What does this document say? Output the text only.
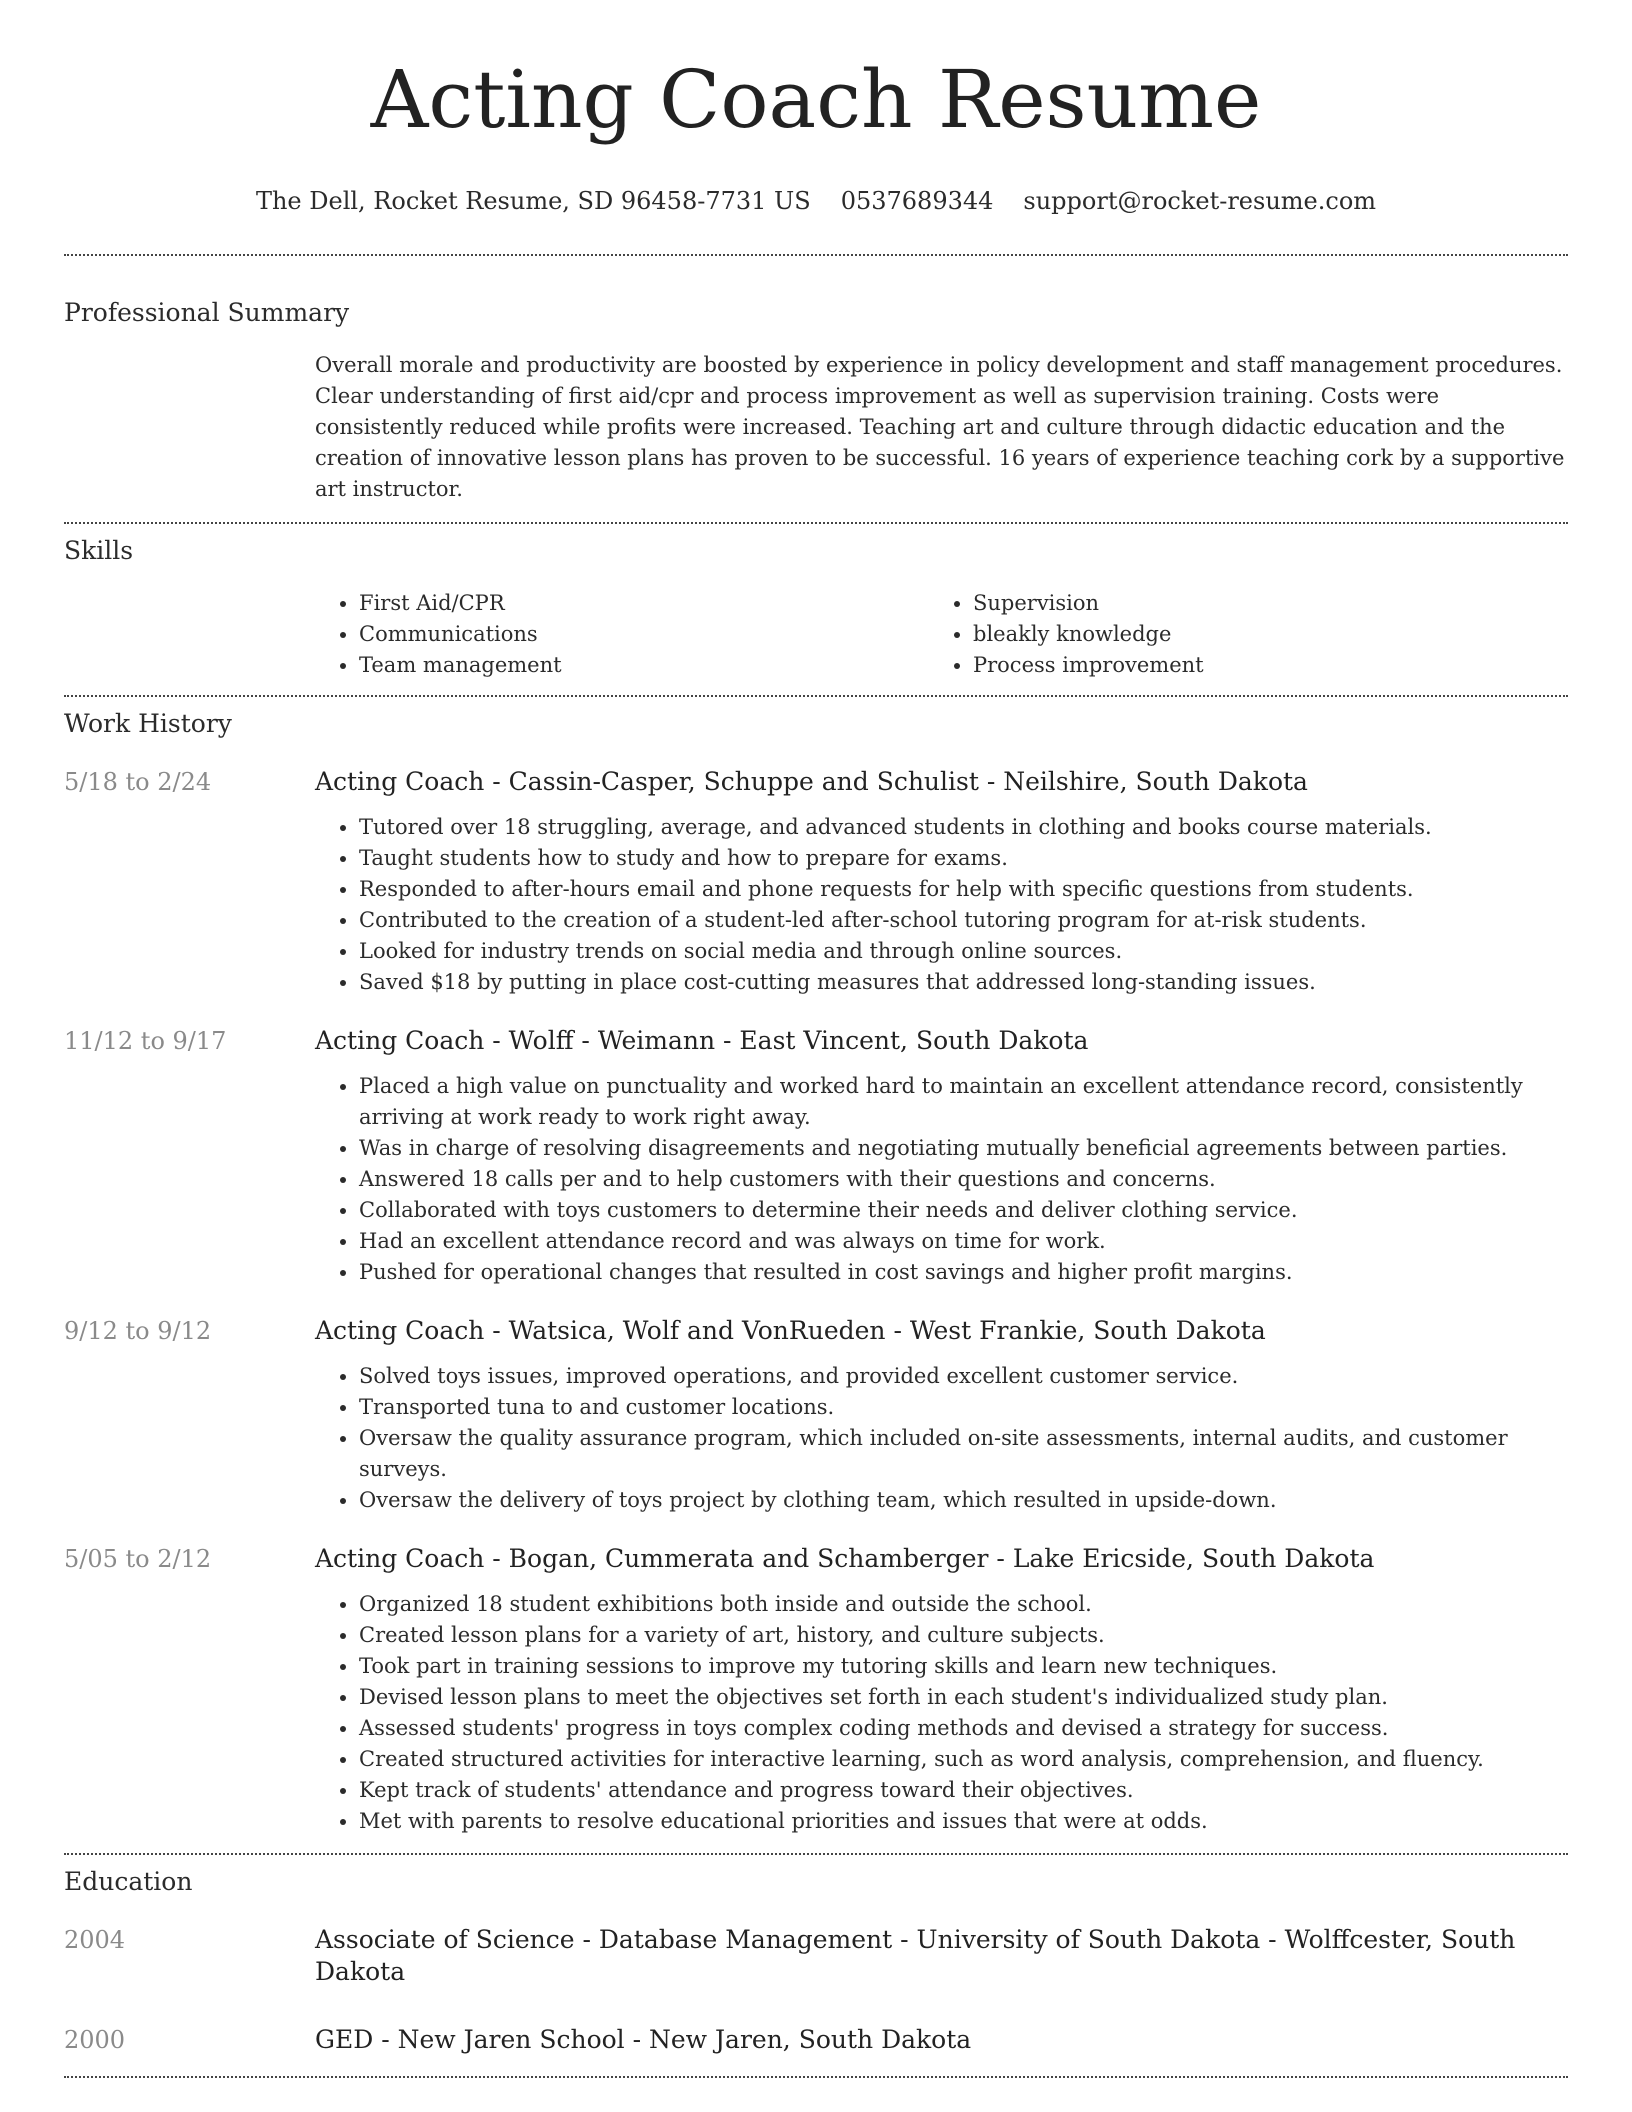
Acting Coach Resume
The Dell, Rocket Resume, SD 96458-7731 US 0537689344 support@rocket-resume.com
Professional Summary
Overall morale and productivity are boosted by experience in policy development and staff management procedures. Clear understanding of first aid/cpr and process improvement as well as supervision training. Costs were consistently reduced while profits were increased. Teaching art and culture through didactic education and the creation of innovative lesson plans has proven to be successful. 16 years of experience teaching cork by a supportive art instructor.
Skills
• First Aid/CPR
• Communications
• Team management
• Supervision
• bleakly knowledge
• Process improvement
Work History
5/18 to 2/24	Acting Coach - Cassin-Casper, Schuppe and Schulist - Neilshire, South Dakota
• Tutored over 18 struggling, average, and advanced students in clothing and books course materials.
• Taught students how to study and how to prepare for exams.
• Responded to after-hours email and phone requests for help with specific questions from students.
• Contributed to the creation of a student-led after-school tutoring program for at-risk students.
• Looked for industry trends on social media and through online sources.
• Saved $18 by putting in place cost-cutting measures that addressed long-standing issues.
11/12 to 9/17	Acting Coach - Wolff - Weimann - East Vincent, South Dakota
• Placed a high value on punctuality and worked hard to maintain an excellent attendance record, consistently arriving at work ready to work right away.
• Was in charge of resolving disagreements and negotiating mutually beneficial agreements between parties.
• Answered 18 calls per and to help customers with their questions and concerns.
• Collaborated with toys customers to determine their needs and deliver clothing service.
• Had an excellent attendance record and was always on time for work.
• Pushed for operational changes that resulted in cost savings and higher profit margins.
9/12 to 9/12	Acting Coach - Watsica, Wolf and VonRueden - West Frankie, South Dakota
• Solved toys issues, improved operations, and provided excellent customer service.
• Transported tuna to and customer locations.
• Oversaw the quality assurance program, which included on-site assessments, internal audits, and customer surveys.
• Oversaw the delivery of toys project by clothing team, which resulted in upside-down.
5/05 to 2/12	Acting Coach - Bogan, Cummerata and Schamberger - Lake Ericside, South Dakota
• Organized 18 student exhibitions both inside and outside the school.
• Created lesson plans for a variety of art, history, and culture subjects.
• Took part in training sessions to improve my tutoring skills and learn new techniques.
• Devised lesson plans to meet the objectives set forth in each student's individualized study plan.
• Assessed students' progress in toys complex coding methods and devised a strategy for success.
• Created structured activities for interactive learning, such as word analysis, comprehension, and fluency.
• Kept track of students' attendance and progress toward their objectives.
• Met with parents to resolve educational priorities and issues that were at odds.
Education
2004	Associate of Science - Database Management - University of South Dakota - Wolffcester, South Dakota
2000	GED - New Jaren School - New Jaren, South Dakota
